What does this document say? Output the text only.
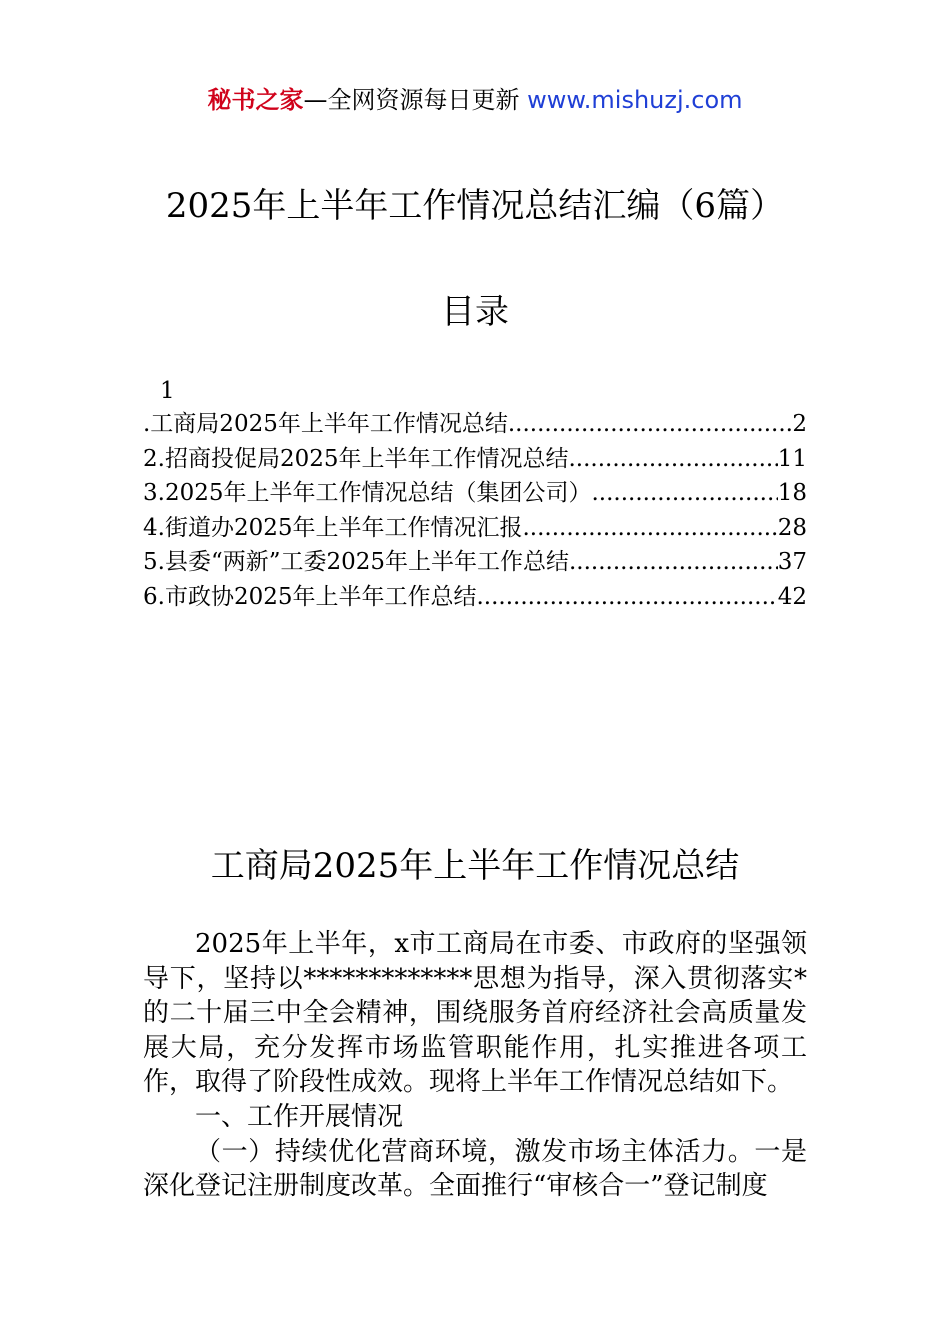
秘书之家—全网资源每日更新 www.mishuzj.com
2025年上半年工作情况总结汇编（6篇）
目录
1
.工商局2025年上半年工作情况总结 .....	2
2.招商投促局2025年上半年工作情况总结 .....	11
3.2025年上半年工作情况总结（集团公司） .....	18
4.街道办2025年上半年工作情况汇报 .....	28
5.县委“两新”工委2025年上半年工作总结 .....	37
6.市政协2025年上半年工作总结 .....	42
工商局2025年上半年工作情况总结

2025年上半年，x市工商局在市委、市政府的坚强领导下，坚持以*************思想为指导，深入贯彻落实*的二十届三中全会精神，围绕服务首府经济社会高质量发展大局，充分发挥市场监管职能作用，扎实推进各项工作，取得了阶段性成效。现将上半年工作情况总结如下。

一、工作开展情况

（一）持续优化营商环境，激发市场主体活力。一是深化登记注册制度改革。全面推行“审核合一”登记制度
